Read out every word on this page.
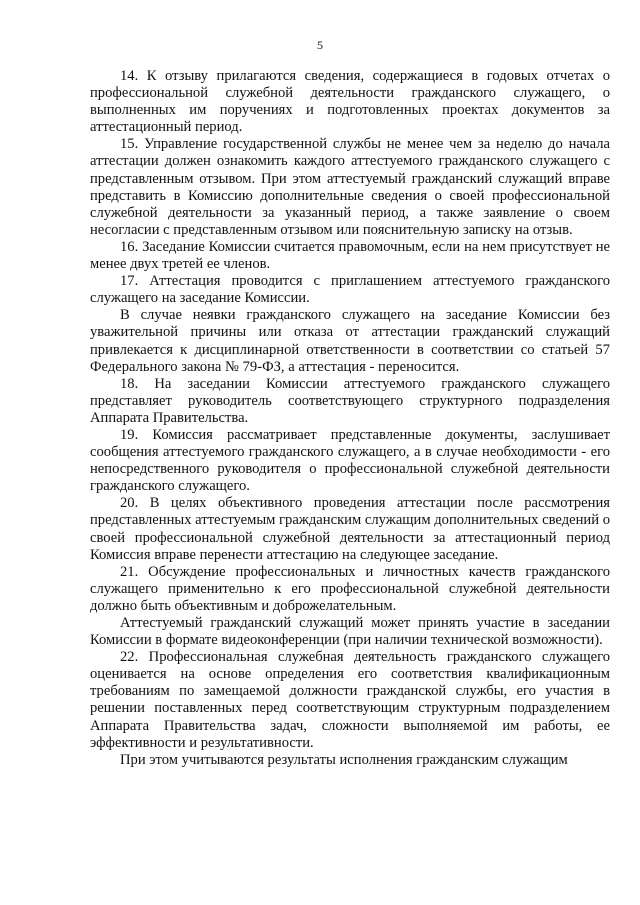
5

14. К отзыву прилагаются сведения, содержащиеся в годовых отчетах о профессиональной служебной деятельности гражданского служащего, о выполненных им поручениях и подготовленных проектах документов за аттестационный период.

15. Управление государственной службы не менее чем за неделю до начала аттестации должен ознакомить каждого аттестуемого гражданского служащего с представленным отзывом. При этом аттестуемый гражданский служащий вправе представить в Комиссию дополнительные сведения о своей профессиональной служебной деятельности за указанный период, а также заявление о своем несогласии с представленным отзывом или пояснительную записку на отзыв.

16. Заседание Комиссии считается правомочным, если на нем присутствует не менее двух третей ее членов.

17. Аттестация проводится с приглашением аттестуемого гражданского служащего на заседание Комиссии.

В случае неявки гражданского служащего на заседание Комиссии без уважительной причины или отказа от аттестации гражданский служащий привлекается к дисциплинарной ответственности в соответствии со статьей 57 Федерального закона № 79-ФЗ, а аттестация - переносится.

18. На заседании Комиссии аттестуемого гражданского служащего представляет руководитель соответствующего структурного подразделения Аппарата Правительства.

19. Комиссия рассматривает представленные документы, заслушивает сообщения аттестуемого гражданского служащего, а в случае необходимости - его непосредственного руководителя о профессиональной служебной деятельности гражданского служащего.

20. В целях объективного проведения аттестации после рассмотрения представленных аттестуемым гражданским служащим дополнительных сведений о своей профессиональной служебной деятельности за аттестационный период Комиссия вправе перенести аттестацию на следующее заседание.

21. Обсуждение профессиональных и личностных качеств гражданского служащего применительно к его профессиональной служебной деятельности должно быть объективным и доброжелательным.

Аттестуемый гражданский служащий может принять участие в заседании Комиссии в формате видеоконференции (при наличии технической возможности).

22. Профессиональная служебная деятельность гражданского служащего оценивается на основе определения его соответствия квалификационным требованиям по замещаемой должности гражданской службы, его участия в решении поставленных перед соответствующим структурным подразделением Аппарата Правительства задач, сложности выполняемой им работы, ее эффективности и результативности.

При этом учитываются результаты исполнения гражданским служащим
